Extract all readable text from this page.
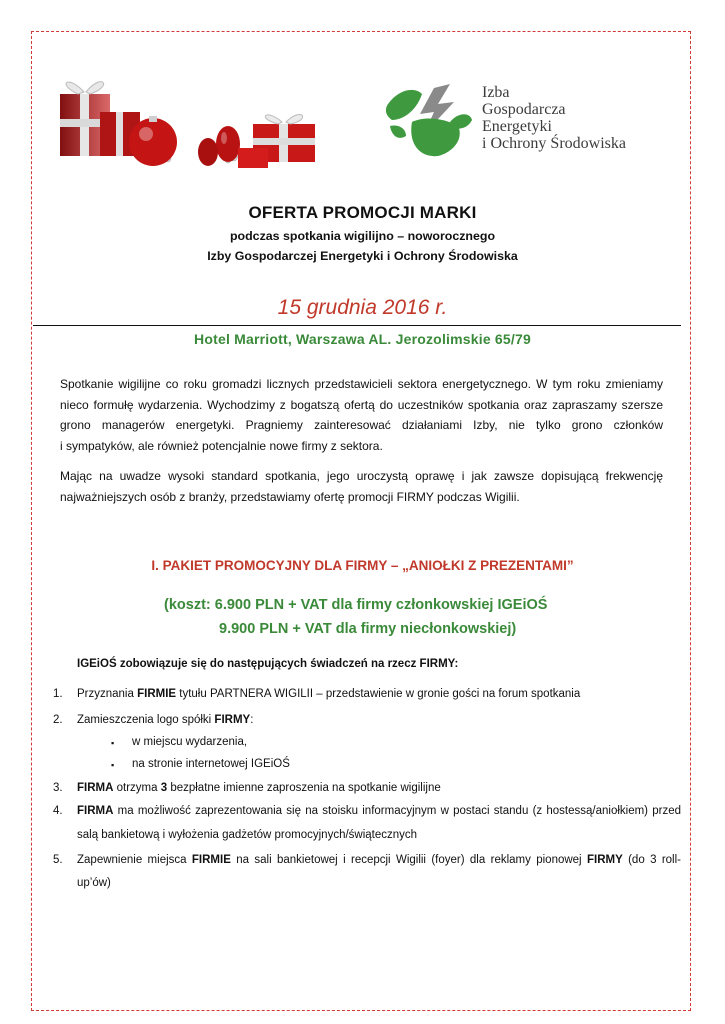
Izba
Gospodarcza
Energetyki
i Ochrony Środowiska
OFERTA PROMOCJI MARKI
podczas spotkania wigilijno – noworocznego
Izby Gospodarczej Energetyki i Ochrony Środowiska
15 grudnia 2016 r.
Hotel Marriott, Warszawa AL. Jerozolimskie 65/79
Spotkanie wigilijne co roku gromadzi licznych przedstawicieli sektora energetycznego. W tym roku zmieniamy
nieco formułę wydarzenia. Wychodzimy z bogatszą ofertą do uczestników spotkania oraz zapraszamy szersze
grono managerów energetyki. Pragniemy zainteresować działaniami Izby, nie tylko grono członków
i sympatyków, ale również potencjalnie nowe firmy z sektora.
Mając na uwadze wysoki standard spotkania, jego uroczystą oprawę i jak zawsze dopisującą frekwencję
najważniejszych osób z branży, przedstawiamy ofertę promocji FIRMY podczas Wigilii.
I. PAKIET PROMOCYJNY DLA FIRMY – „ANIOŁKI Z PREZENTAMI”
(koszt: 6.900 PLN + VAT dla firmy członkowskiej IGEiOŚ
9.900 PLN + VAT dla firmy niecłonkowskiej)
IGEiOŚ zobowiązuje się do następujących świadczeń na rzecz FIRMY:
1. Przyznania FIRMIE tytułu PARTNERA WIGILII – przedstawienie w gronie gości na forum spotkania
2. Zamieszczenia logo spółki FIRMY:
▪ w miejscu wydarzenia,
▪ na stronie internetowej IGEiOŚ
3. FIRMA otrzyma 3 bezpłatne imienne zaproszenia na spotkanie wigilijne
4. FIRMA ma możliwość zaprezentowania się na stoisku informacyjnym w postaci standu (z hostessą/aniołkiem) przed
salą bankietową i wyłożenia gadżetów promocyjnych/świątecznych
5. Zapewnienie miejsca FIRMIE na sali bankietowej i recepcji Wigilii (foyer) dla reklamy pionowej FIRMY (do 3 roll-
up’ów)
